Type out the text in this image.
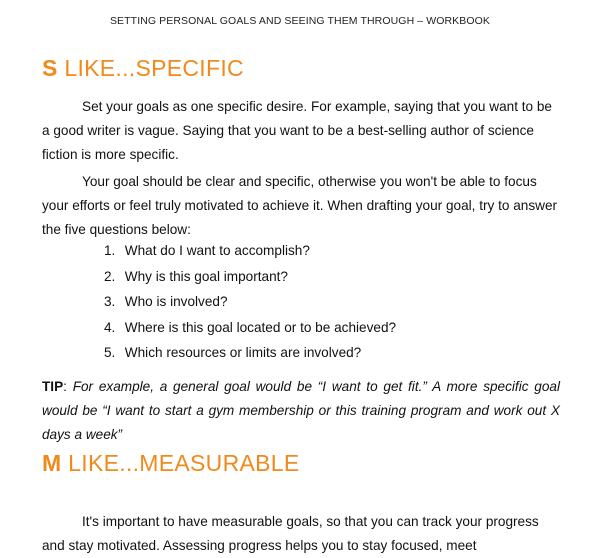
SETTING PERSONAL GOALS AND SEEING THEM THROUGH – WORKBOOK
S LIKE...SPECIFIC

Set your goals as one specific desire. For example, saying that you want to be a good writer is vague. Saying that you want to be a best-selling author of science fiction is more specific.

Your goal should be clear and specific, otherwise you won't be able to focus your efforts or feel truly motivated to achieve it. When drafting your goal, try to answer the five questions below:

1. What do I want to accomplish?
2. Why is this goal important?
3. Who is involved?
4. Where is this goal located or to be achieved?
5. Which resources or limits are involved?

TIP: For example, a general goal would be “I want to get fit.” A more specific goal would be “I want to start a gym membership or this training program and work out X days a week”

M LIKE...MEASURABLE

It's important to have measurable goals, so that you can track your progress and stay motivated. Assessing progress helps you to stay focused, meet
